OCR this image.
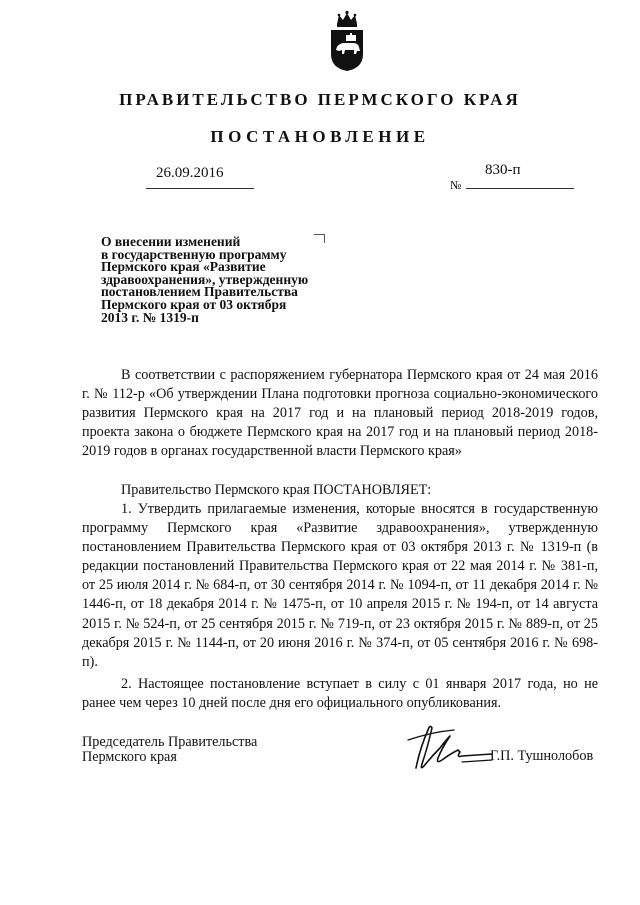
ПРАВИТЕЛЬСТВО ПЕРМСКОГО КРАЯ
ПОСТАНОВЛЕНИЕ
26.09.2016
№
830-п
О внесении изменений
в государственную программу
Пермского края «Развитие
здравоохранения», утвержденную
постановлением Правительства
Пермского края от 03 октября
2013 г. № 1319-п
В соответствии с распоряжением губернатора Пермского края от 24 мая 2016 г. № 112-р «Об утверждении Плана подготовки прогноза социально-экономического развития Пермского края на 2017 год и на плановый период 2018-2019 годов, проекта закона о бюджете Пермского края на 2017 год и на плановый период 2018-2019 годов в органах государственной власти Пермского края»
Правительство Пермского края ПОСТАНОВЛЯЕТ:
1. Утвердить прилагаемые изменения, которые вносятся в государственную программу Пермского края «Развитие здравоохранения», утвержденную постановлением Правительства Пермского края от 03 октября 2013 г. № 1319-п (в редакции постановлений Правительства Пермского края от 22 мая 2014 г. № 381-п, от 25 июля 2014 г. № 684-п, от 30 сентября 2014 г. № 1094-п, от 11 декабря 2014 г. № 1446-п, от 18 декабря 2014 г. № 1475-п, от 10 апреля 2015 г. № 194-п, от 14 августа 2015 г. № 524-п, от 25 сентября 2015 г. № 719-п, от 23 октября 2015 г. № 889-п, от 25 декабря 2015 г. № 1144-п, от 20 июня 2016 г. № 374-п, от 05 сентября 2016 г. № 698-п).
2. Настоящее постановление вступает в силу с 01 января 2017 года, но не ранее чем через 10 дней после дня его официального опубликования.
Председатель Правительства
Пермского края	Г.П. Тушнолобов
